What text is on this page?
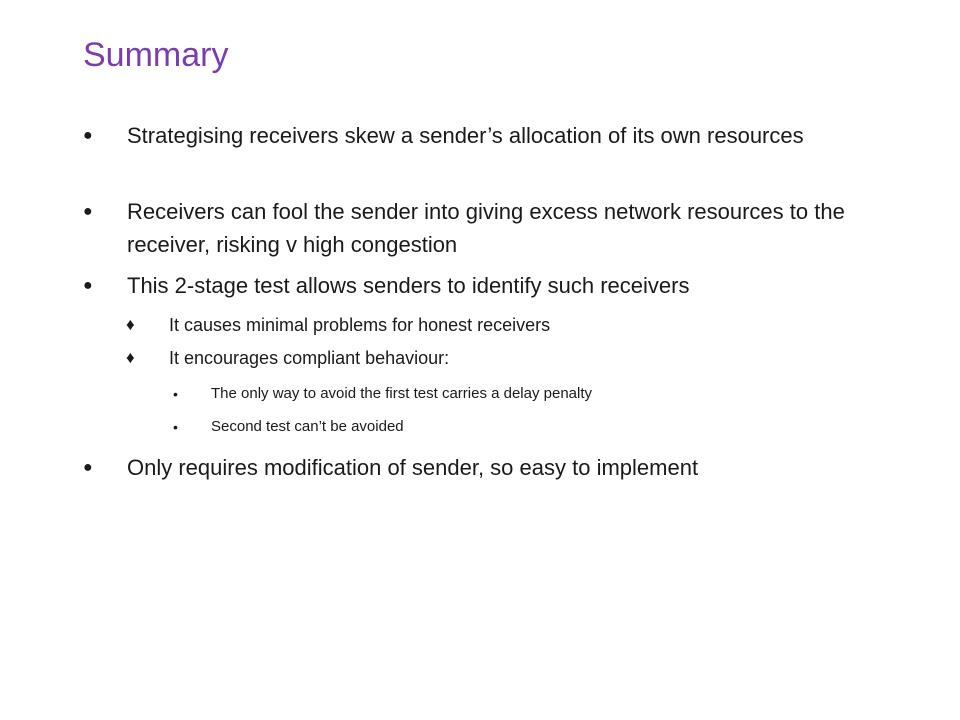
Summary
● Strategising receivers skew a sender’s allocation of its own resources
● Receivers can fool the sender into giving excess network resources to the receiver, risking v high congestion
● This 2-stage test allows senders to identify such receivers
♦ It causes minimal problems for honest receivers
♦ It encourages compliant behaviour:
• The only way to avoid the first test carries a delay penalty
• Second test can’t be avoided
● Only requires modification of sender, so easy to implement
